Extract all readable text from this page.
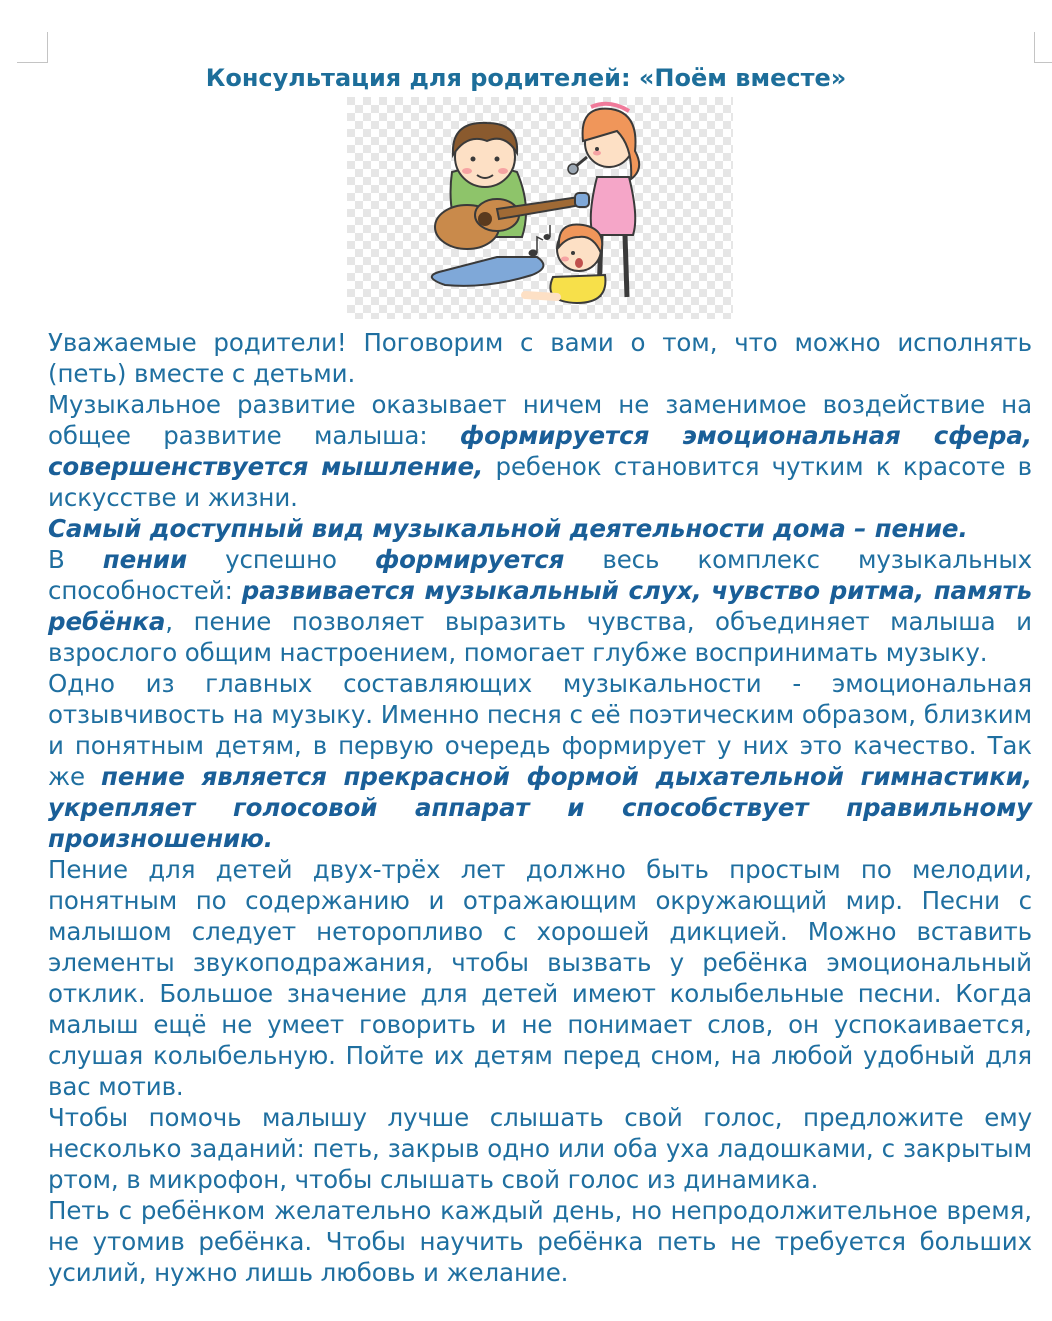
Консультация для родителей: «Поём вместе»

Уважаемые родители! Поговорим с вами о том, что можно исполнять (петь) вместе с детьми.

Музыкальное развитие оказывает ничем не заменимое воздействие на общее развитие малыша: формируется эмоциональная сфера, совершенствуется мышление, ребенок становится чутким к красоте в искусстве и жизни.

Самый доступный вид музыкальной деятельности дома – пение.

В пении успешно формируется весь комплекс музыкальных способностей: развивается музыкальный слух, чувство ритма, память ребёнка, пение позволяет выразить чувства, объединяет малыша и взрослого общим настроением, помогает глубже воспринимать музыку.

Одно из главных составляющих музыкальности - эмоциональная отзывчивость на музыку. Именно песня с её поэтическим образом, близким и понятным детям, в первую очередь формирует у них это качество. Так же пение является прекрасной формой дыхательной гимнастики, укрепляет голосовой аппарат и способствует правильному произношению.

Пение для детей двух-трёх лет должно быть простым по мелодии, понятным по содержанию и отражающим окружающий мир. Песни с малышом следует неторопливо с хорошей дикцией. Можно вставить элементы звукоподражания, чтобы вызвать у ребёнка эмоциональный отклик. Большое значение для детей имеют колыбельные песни. Когда малыш ещё не умеет говорить и не понимает слов, он успокаивается, слушая колыбельную. Пойте их детям перед сном, на любой удобный для вас мотив.

Чтобы помочь малышу лучше слышать свой голос, предложите ему несколько заданий: петь, закрыв одно или оба уха ладошками, с закрытым ртом, в микрофон, чтобы слышать свой голос из динамика.

Петь с ребёнком желательно каждый день, но непродолжительное время, не утомив ребёнка. Чтобы научить ребёнка петь не требуется больших усилий, нужно лишь любовь и желание.
